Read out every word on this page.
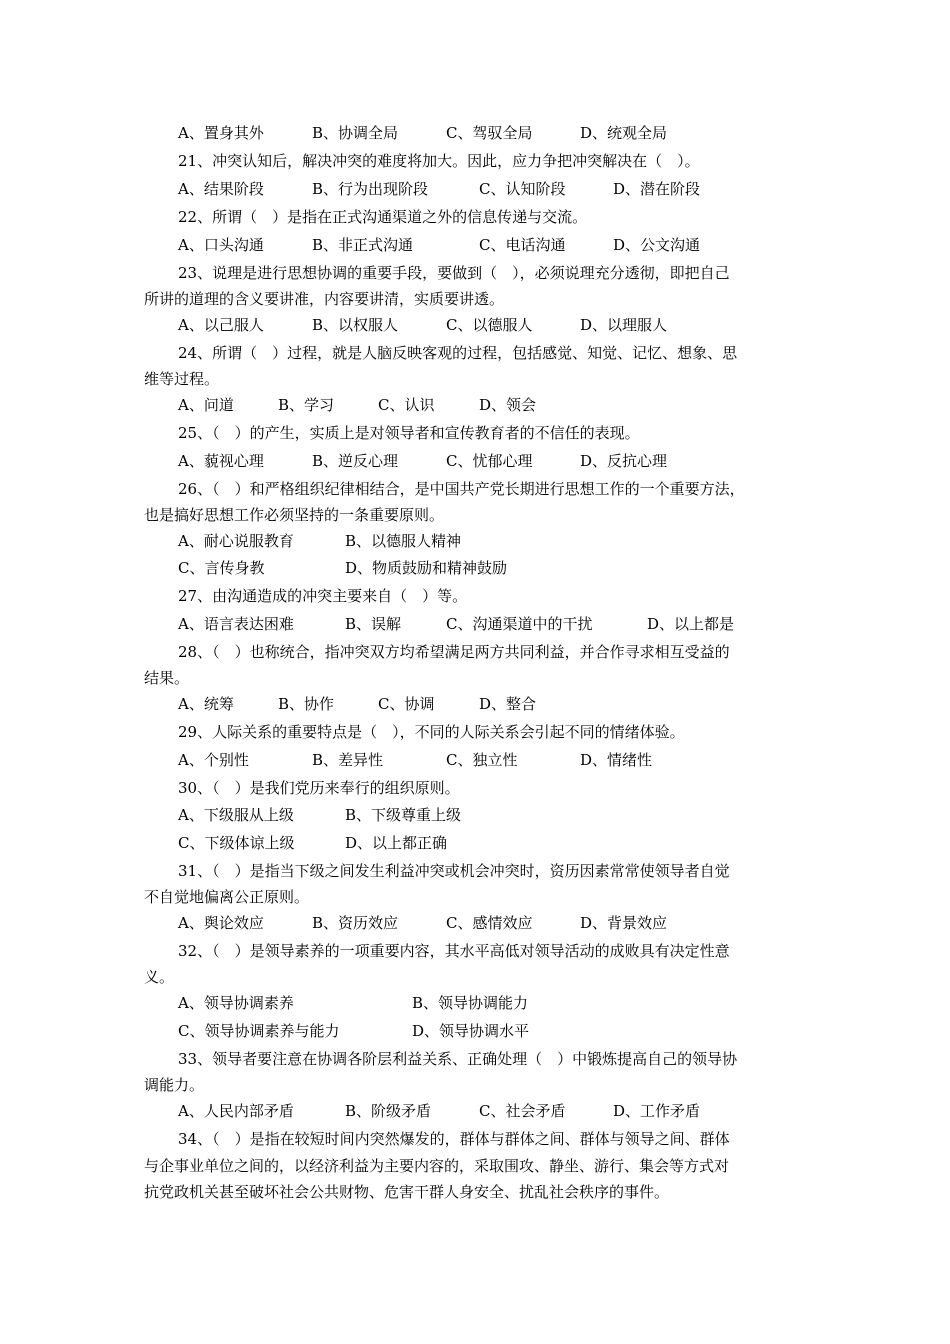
A、置身其外	B、协调全局	C、驾驭全局	D、统观全局
21、冲突认知后，解决冲突的难度将加大。因此，应力争把冲突解决在（　）。
A、结果阶段	B、行为出现阶段	C、认知阶段	D、潜在阶段
22、所谓（　）是指在正式沟通渠道之外的信息传递与交流。
A、口头沟通	B、非正式沟通	C、电话沟通	D、公文沟通
23、说理是进行思想协调的重要手段，要做到（　），必须说理充分透彻，即把自己
所讲的道理的含义要讲准，内容要讲清，实质要讲透。
A、以己服人	B、以权服人	C、以德服人	D、以理服人
24、所谓（　）过程，就是人脑反映客观的过程，包括感觉、知觉、记忆、想象、思
维等过程。
A、问道	B、学习	C、认识	D、领会
25、（　）的产生，实质上是对领导者和宣传教育者的不信任的表现。
A、藐视心理	B、逆反心理	C、忧郁心理	D、反抗心理
26、（　）和严格组织纪律相结合，是中国共产党长期进行思想工作的一个重要方法，
也是搞好思想工作必须坚持的一条重要原则。
A、耐心说服教育	B、以德服人精神
C、言传身教	D、物质鼓励和精神鼓励
27、由沟通造成的冲突主要来自（　）等。
A、语言表达困难	B、误解	C、沟通渠道中的干扰	D、以上都是
28、（　）也称统合，指冲突双方均希望满足两方共同利益，并合作寻求相互受益的
结果。
A、统筹	B、协作	C、协调	D、整合
29、人际关系的重要特点是（　），不同的人际关系会引起不同的情绪体验。
A、个别性	B、差异性	C、独立性	D、情绪性
30、（　）是我们党历来奉行的组织原则。
A、下级服从上级	B、下级尊重上级
C、下级体谅上级	D、以上都正确
31、（　）是指当下级之间发生利益冲突或机会冲突时，资历因素常常使领导者自觉
不自觉地偏离公正原则。
A、舆论效应	B、资历效应	C、感情效应	D、背景效应
32、（　）是领导素养的一项重要内容，其水平高低对领导活动的成败具有决定性意
义。
A、领导协调素养	B、领导协调能力
C、领导协调素养与能力	D、领导协调水平
33、领导者要注意在协调各阶层利益关系、正确处理（　）中锻炼提高自己的领导协
调能力。
A、人民内部矛盾	B、阶级矛盾	C、社会矛盾	D、工作矛盾
34、（　）是指在较短时间内突然爆发的，群体与群体之间、群体与领导之间、群体
与企事业单位之间的，以经济利益为主要内容的，采取围攻、静坐、游行、集会等方式对
抗党政机关甚至破坏社会公共财物、危害干群人身安全、扰乱社会秩序的事件。
